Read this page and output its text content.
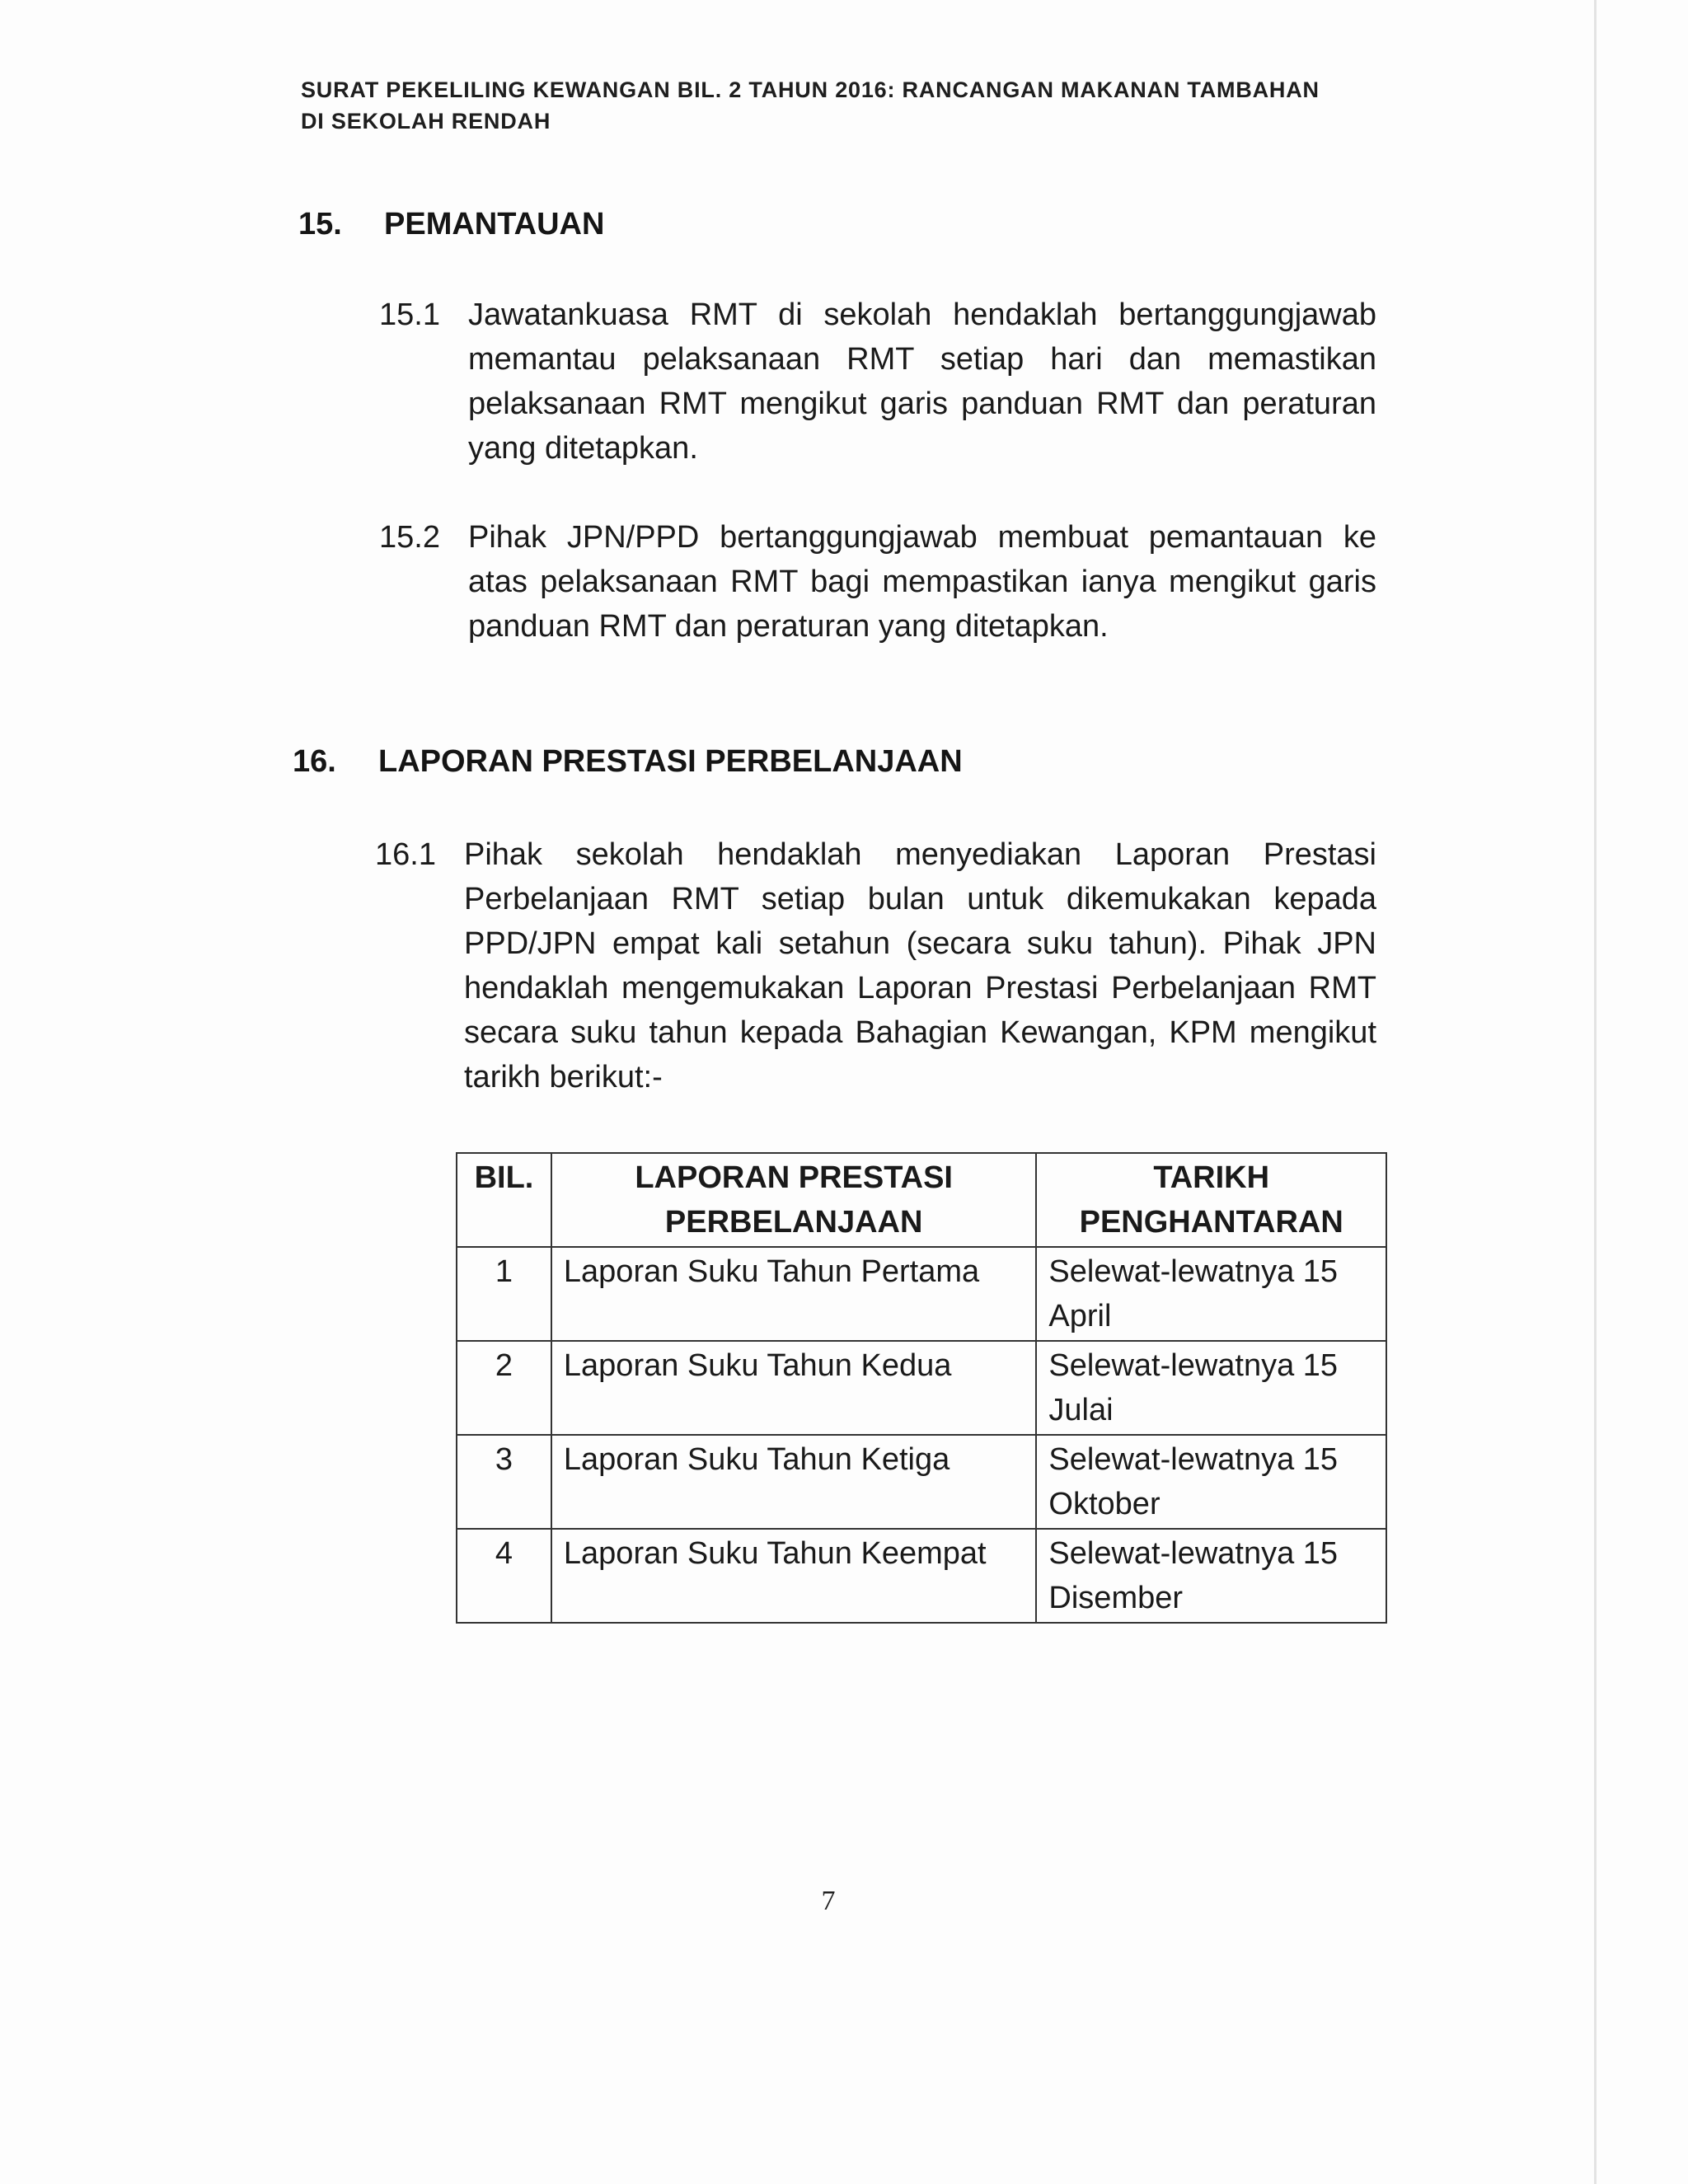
SURAT PEKELILING KEWANGAN BIL. 2 TAHUN 2016: RANCANGAN MAKANAN TAMBAHAN
DI SEKOLAH RENDAH
15. PEMANTAUAN
15.1 Jawatankuasa RMT di sekolah hendaklah bertanggungjawab memantau pelaksanaan RMT setiap hari dan memastikan pelaksanaan RMT mengikut garis panduan RMT dan peraturan yang ditetapkan.
15.2 Pihak JPN/PPD bertanggungjawab membuat pemantauan ke atas pelaksanaan RMT bagi mempastikan ianya mengikut garis panduan RMT dan peraturan yang ditetapkan.
16. LAPORAN PRESTASI PERBELANJAAN
16.1 Pihak sekolah hendaklah menyediakan Laporan Prestasi Perbelanjaan RMT setiap bulan untuk dikemukakan kepada PPD/JPN empat kali setahun (secara suku tahun). Pihak JPN hendaklah mengemukakan Laporan Prestasi Perbelanjaan RMT secara suku tahun kepada Bahagian Kewangan, KPM mengikut tarikh berikut:-
BIL.	LAPORAN PRESTASI PERBELANJAAN	TARIKH PENGHANTARAN
1	Laporan Suku Tahun Pertama	Selewat-lewatnya 15 April
2	Laporan Suku Tahun Kedua	Selewat-lewatnya 15 Julai
3	Laporan Suku Tahun Ketiga	Selewat-lewatnya 15 Oktober
4	Laporan Suku Tahun Keempat	Selewat-lewatnya 15 Disember
7
